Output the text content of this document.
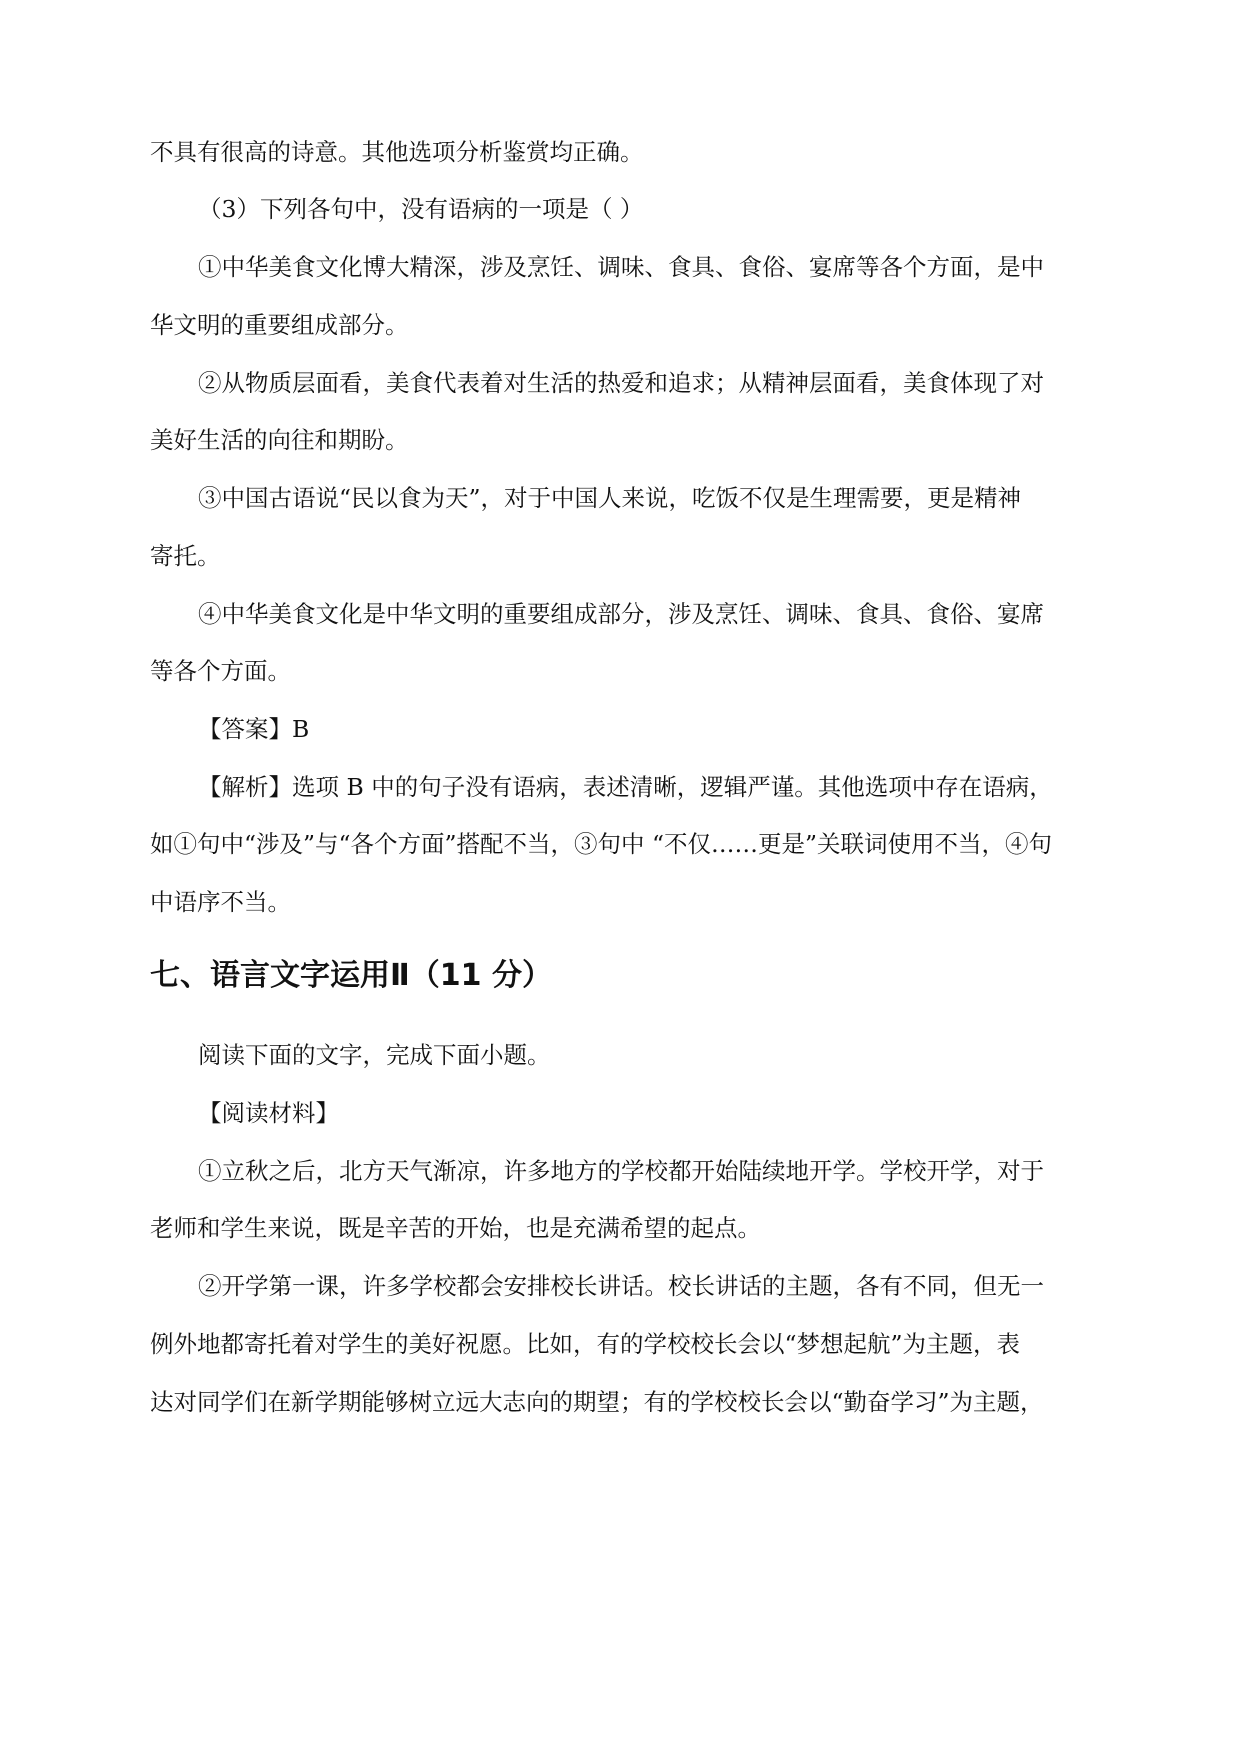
不具有很高的诗意。其他选项分析鉴赏均正确。
（3）下列各句中，没有语病的一项是（ ）
①中华美食文化博大精深，涉及烹饪、调味、食具、食俗、宴席等各个方面，是中
华文明的重要组成部分。
②从物质层面看，美食代表着对生活的热爱和追求；从精神层面看，美食体现了对
美好生活的向往和期盼。
③中国古语说“民以食为天”，对于中国人来说，吃饭不仅是生理需要，更是精神
寄托。
④中华美食文化是中华文明的重要组成部分，涉及烹饪、调味、食具、食俗、宴席
等各个方面。
【答案】B
【解析】选项 B 中的句子没有语病，表述清晰，逻辑严谨。其他选项中存在语病，
如①句中“涉及”与“各个方面”搭配不当，③句中 “不仅……更是”关联词使用不当，④句
中语序不当。
七、语言文字运用Ⅱ（11 分）
阅读下面的文字，完成下面小题。
【阅读材料】
①立秋之后，北方天气渐凉，许多地方的学校都开始陆续地开学。学校开学，对于
老师和学生来说，既是辛苦的开始，也是充满希望的起点。
②开学第一课，许多学校都会安排校长讲话。校长讲话的主题，各有不同，但无一
例外地都寄托着对学生的美好祝愿。比如，有的学校校长会以“梦想起航”为主题，表
达对同学们在新学期能够树立远大志向的期望；有的学校校长会以“勤奋学习”为主题，
